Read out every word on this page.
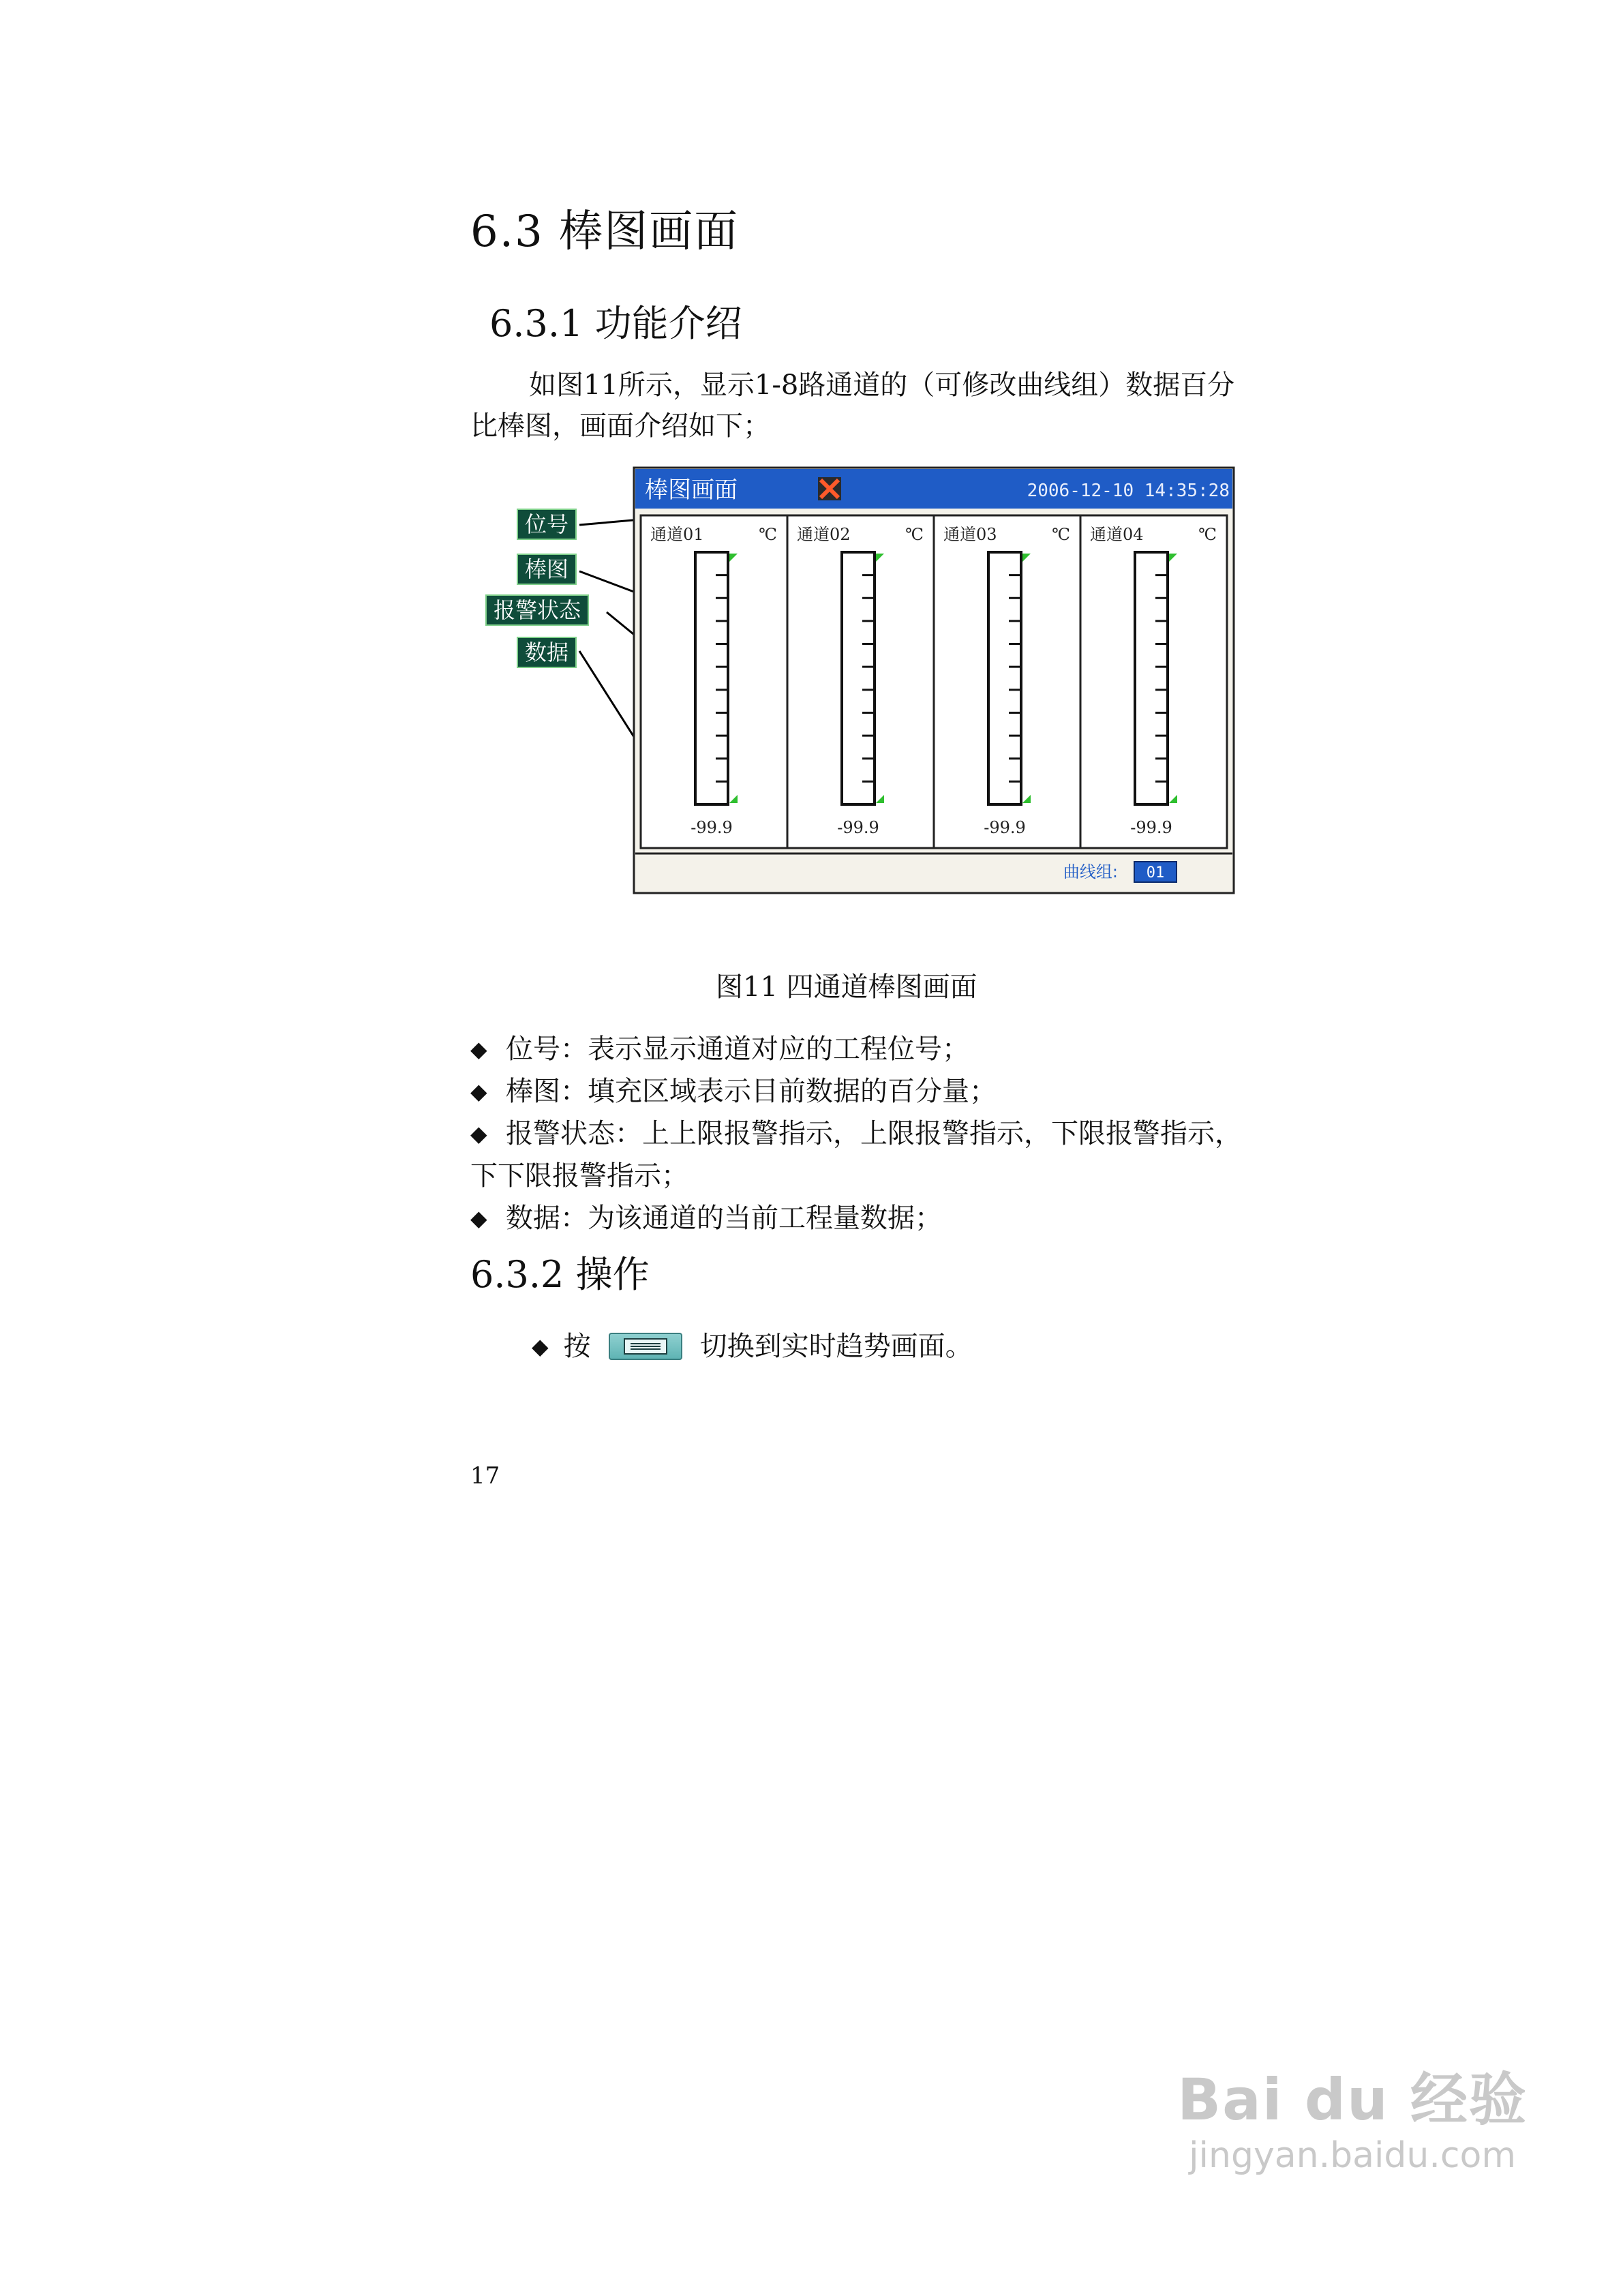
6.3 棒图画面
6.3.1 功能介绍
如图11所示，显示1-8路通道的（可修改曲线组）数据百分比棒图，画面介绍如下；
棒图画面	2006-12-10 14:35:28
通道01	℃
-99.9
通道02	℃
-99.9
通道03	℃
-99.9
通道04	℃
-99.9
曲线组: 01
位号
棒图
报警状态
数据
图11 四通道棒图画面
◆ 位号：表示显示通道对应的工程位号；
◆ 棒图：填充区域表示目前数据的百分量；
◆ 报警状态：上上限报警指示，上限报警指示，下限报警指示，下下限报警指示；
◆ 数据：为该通道的当前工程量数据；
6.3.2 操作
◆ 按	切换到实时趋势画面。
17
Bai du 经验
jingyan.baidu.com
